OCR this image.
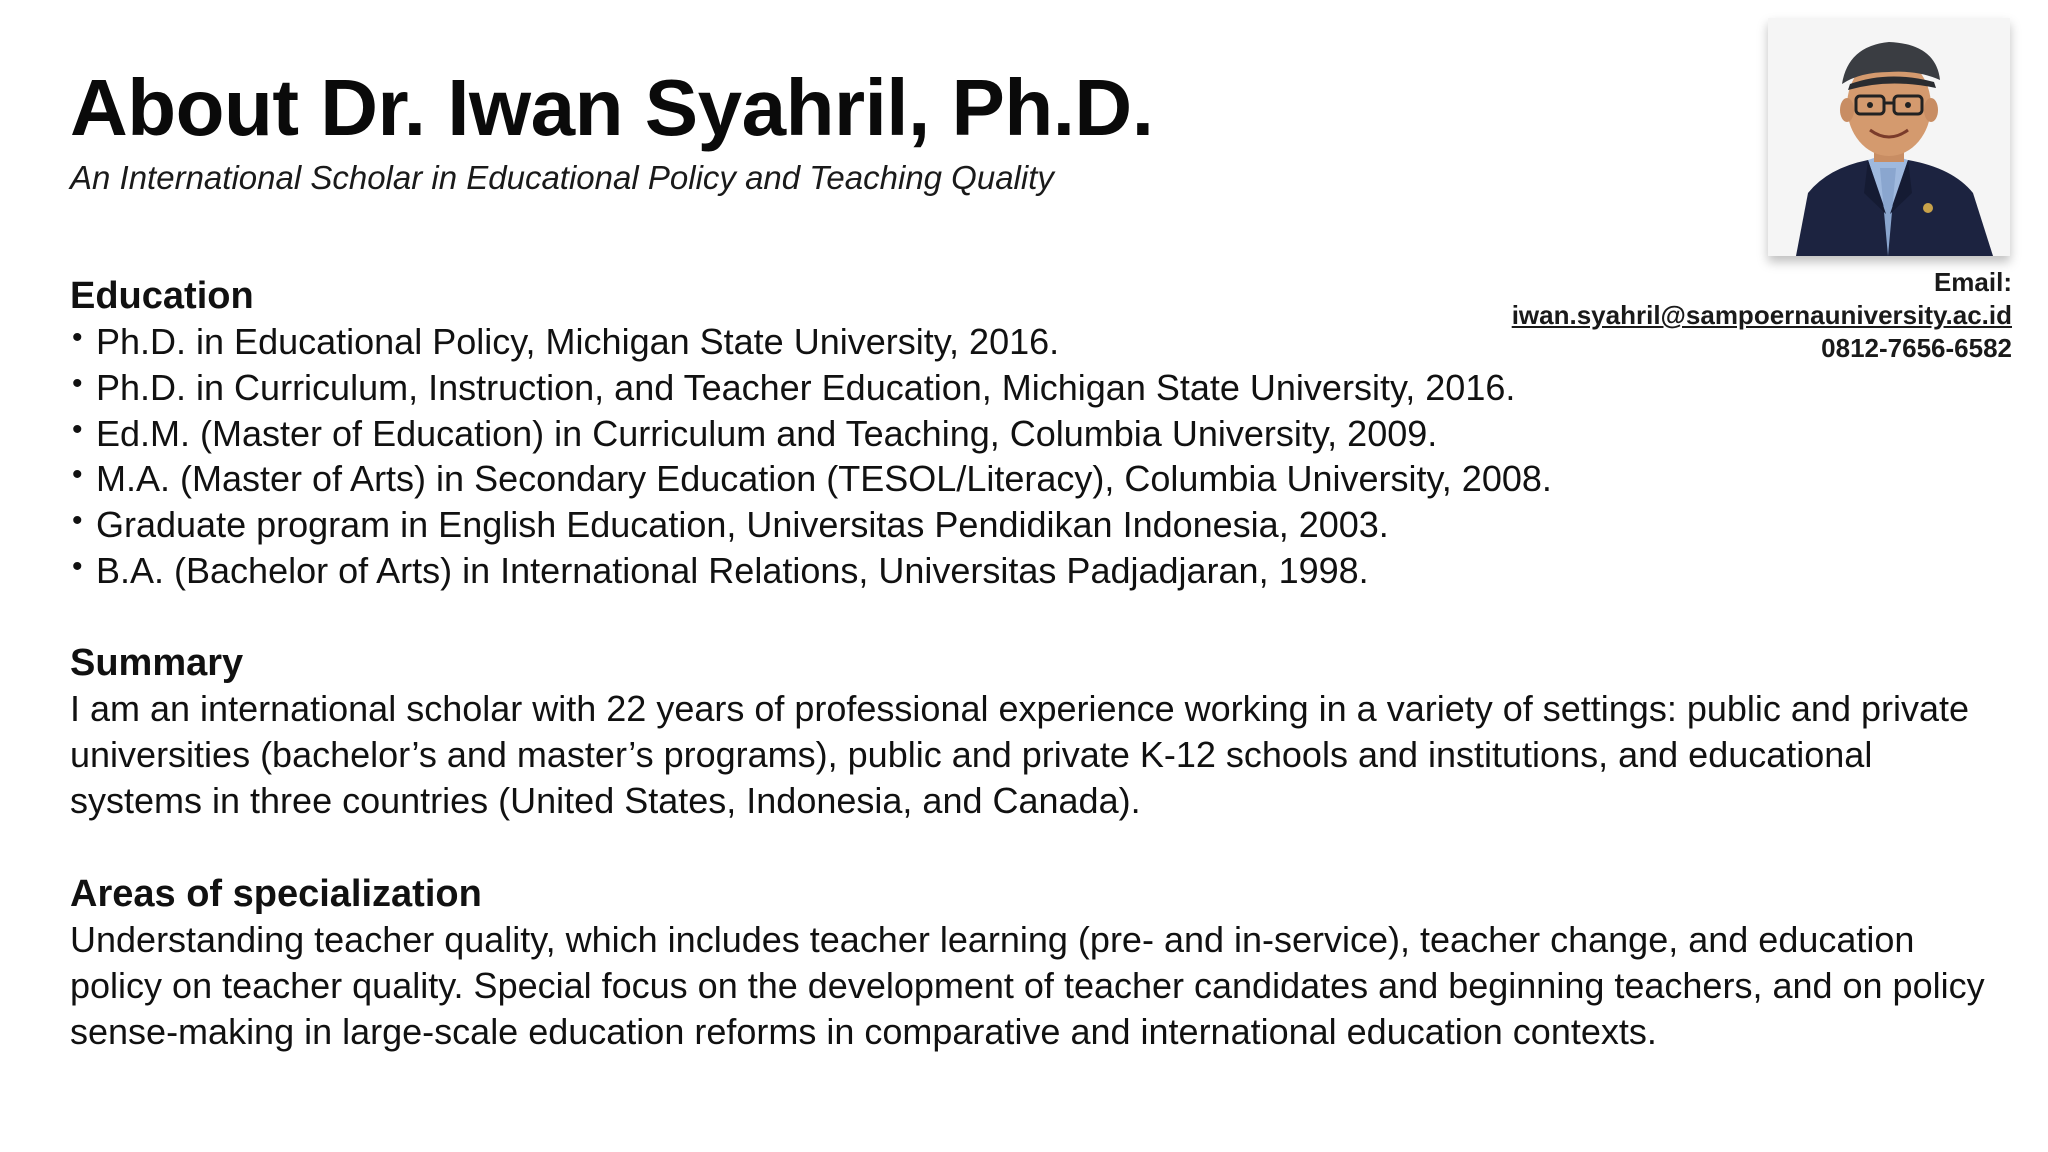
About Dr. Iwan Syahril, Ph.D.

An International Scholar in Educational Policy and Teaching Quality

Email:
iwan.syahril@sampoernauniversity.ac.id
0812-7656-6582
Education
• Ph.D. in Educational Policy, Michigan State University, 2016.
• Ph.D. in Curriculum, Instruction, and Teacher Education, Michigan State University, 2016.
• Ed.M. (Master of Education) in Curriculum and Teaching, Columbia University, 2009.
• M.A. (Master of Arts) in Secondary Education (TESOL/Literacy), Columbia University, 2008.
• Graduate program in English Education, Universitas Pendidikan Indonesia, 2003.
• B.A. (Bachelor of Arts) in International Relations, Universitas Padjadjaran, 1998.
Summary

I am an international scholar with 22 years of professional experience working in a variety of settings: public and private universities (bachelor’s and master’s programs), public and private K-12 schools and institutions, and educational systems in three countries (United States, Indonesia, and Canada).

Areas of specialization

Understanding teacher quality, which includes teacher learning (pre- and in-service), teacher change, and education policy on teacher quality. Special focus on the development of teacher candidates and beginning teachers, and on policy sense-making in large-scale education reforms in comparative and international education contexts.
